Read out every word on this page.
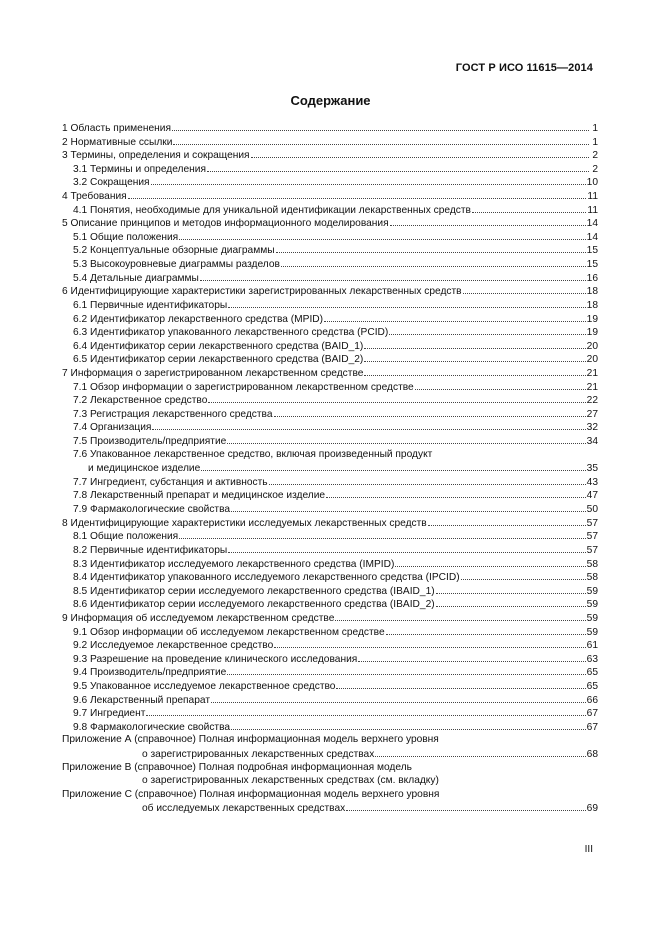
ГОСТ Р ИСО 11615—2014
Содержание
1 Область применения	1
2 Нормативные ссылки	1
3 Термины, определения и сокращения	2
3.1 Термины и определения	2
3.2 Сокращения	10
4 Требования	11
4.1 Понятия, необходимые для уникальной идентификации лекарственных средств	11
5 Описание принципов и методов информационного моделирования	14
5.1 Общие положения	14
5.2 Концептуальные обзорные диаграммы	15
5.3 Высокоуровневые диаграммы разделов	15
5.4 Детальные диаграммы	16
6 Идентифицирующие характеристики зарегистрированных лекарственных средств	18
6.1 Первичные идентификаторы	18
6.2 Идентификатор лекарственного средства (MPID)	19
6.3 Идентификатор упакованного лекарственного средства (PCID)	19
6.4 Идентификатор серии лекарственного средства (BAID_1)	20
6.5 Идентификатор серии лекарственного средства (BAID_2)	20
7 Информация о зарегистрированном лекарственном средстве	21
7.1 Обзор информации о зарегистрированном лекарственном средстве	21
7.2 Лекарственное средство	22
7.3 Регистрация лекарственного средства	27
7.4 Организация	32
7.5 Производитель/предприятие	34
7.6 Упакованное лекарственное средство, включая произведенный продукт
и медицинское изделие	35
7.7 Ингредиент, субстанция и активность	43
7.8 Лекарственный препарат и медицинское изделие	47
7.9 Фармакологические свойства	50
8 Идентифицирующие характеристики исследуемых лекарственных средств	57
8.1 Общие положения	57
8.2 Первичные идентификаторы	57
8.3 Идентификатор исследуемого лекарственного средства (IMPID)	58
8.4 Идентификатор упакованного исследуемого лекарственного средства (IPCID)	58
8.5 Идентификатор серии исследуемого лекарственного средства (IBAID_1)	59
8.6 Идентификатор серии исследуемого лекарственного средства (IBAID_2)	59
9 Информация об исследуемом лекарственном средстве	59
9.1 Обзор информации об исследуемом лекарственном средстве	59
9.2 Исследуемое лекарственное средство	61
9.3 Разрешение на проведение клинического исследования	63
9.4 Производитель/предприятие	65
9.5 Упакованное исследуемое лекарственное средство	65
9.6 Лекарственный препарат	66
9.7 Ингредиент	67
9.8 Фармакологические свойства	67
Приложение А (справочное) Полная информационная модель верхнего уровня
о зарегистрированных лекарственных средствах	68
Приложение В (справочное) Полная подробная информационная модель
о зарегистрированных лекарственных средствах (см. вкладку)
Приложение С (справочное) Полная информационная модель верхнего уровня
об исследуемых лекарственных средствах	69
III
